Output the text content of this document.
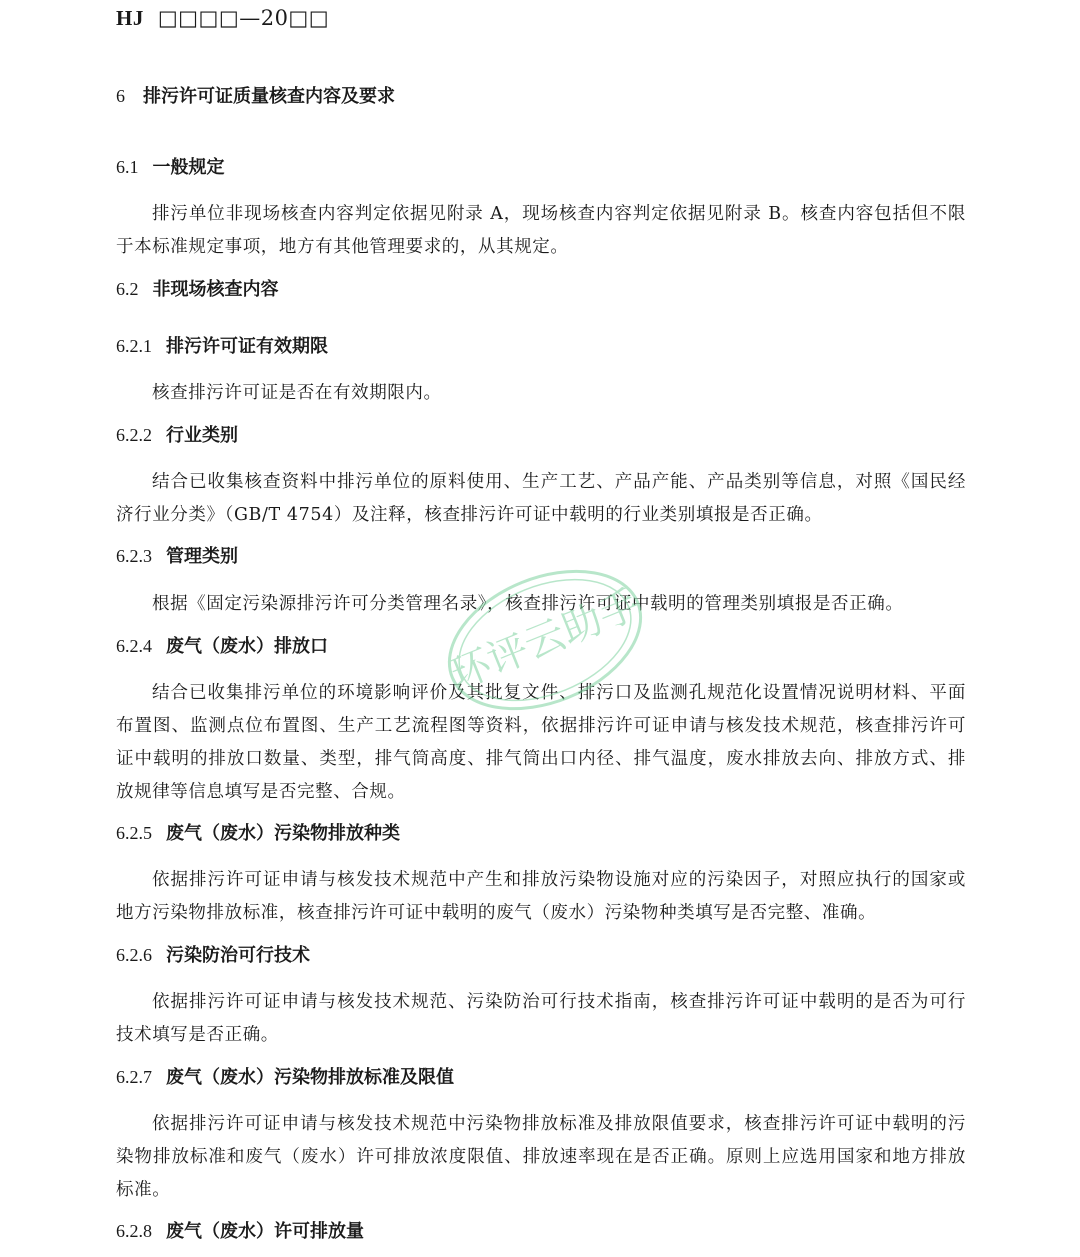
HJ □□□□—20□□
6 排污许可证质量核查内容及要求
6.1 一般规定
排污单位非现场核查内容判定依据见附录 A，现场核查内容判定依据见附录 B。核查内容包括但不限于本标准规定事项，地方有其他管理要求的，从其规定。
6.2 非现场核查内容
6.2.1 排污许可证有效期限
核查排污许可证是否在有效期限内。
6.2.2 行业类别
结合已收集核查资料中排污单位的原料使用、生产工艺、产品产能、产品类别等信息，对照《国民经济行业分类》（GB/T 4754）及注释，核查排污许可证中载明的行业类别填报是否正确。
6.2.3 管理类别
根据《固定污染源排污许可分类管理名录》，核查排污许可证中载明的管理类别填报是否正确。
6.2.4 废气（废水）排放口
结合已收集排污单位的环境影响评价及其批复文件、排污口及监测孔规范化设置情况说明材料、平面布置图、监测点位布置图、生产工艺流程图等资料，依据排污许可证申请与核发技术规范，核查排污许可证中载明的排放口数量、类型，排气筒高度、排气筒出口内径、排气温度，废水排放去向、排放方式、排放规律等信息填写是否完整、合规。
6.2.5 废气（废水）污染物排放种类
依据排污许可证申请与核发技术规范中产生和排放污染物设施对应的污染因子，对照应执行的国家或地方污染物排放标准，核查排污许可证中载明的废气（废水）污染物种类填写是否完整、准确。
6.2.6 污染防治可行技术
依据排污许可证申请与核发技术规范、污染防治可行技术指南，核查排污许可证中载明的是否为可行技术填写是否正确。
6.2.7 废气（废水）污染物排放标准及限值
依据排污许可证申请与核发技术规范中污染物排放标准及排放限值要求，核查排污许可证中载明的污染物排放标准和废气（废水）许可排放浓度限值、排放速率现在是否正确。原则上应选用国家和地方排放标准。
6.2.8 废气（废水）许可排放量
环评云助手
